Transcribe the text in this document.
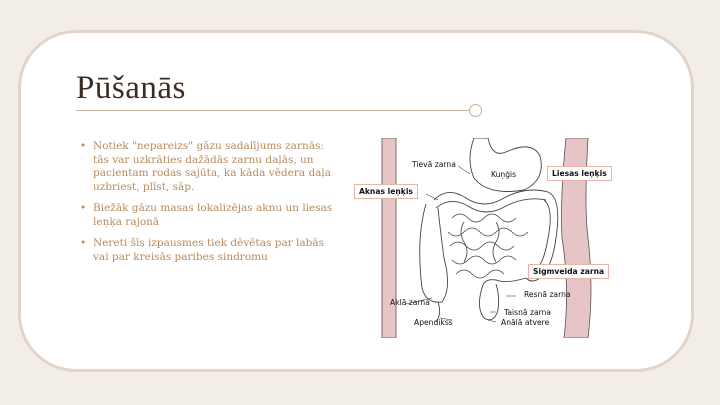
Pūšanās
• Notiek "nepareizs" gāzu sadalījums zarnās: tās var uzkrāties dažādās zarnu daļās, un pacientam rodas sajūta, ka kāda vēdera daļa uzbriest, plīst, sāp.
• Biežāk gāzu masas lokalizējas aknu un liesas leņķa rajonā
• Nereti šīs izpausmes tiek dēvētas par labās vai par kreisās paribes sindromu
Tievā zarna
Kuņģis	Liesas leņķis
Aknas leņķis
Sigmveida zarna
Resnā zarna
Aklā zarna
Taisnā zarna
Apendikss	Anālā atvere
